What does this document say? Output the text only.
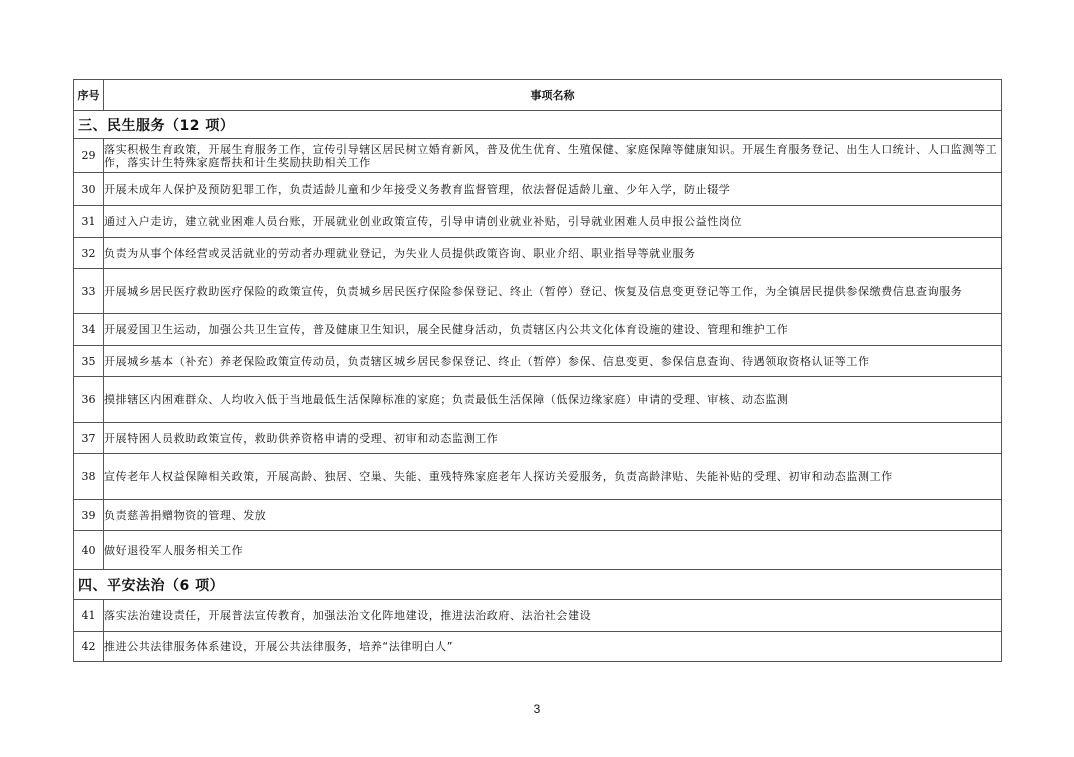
序号	事项名称
三、民生服务（12 项）	
29	落实积极生育政策，开展生育服务工作，宣传引导辖区居民树立婚育新风，普及优生优育、生殖保健、家庭保障等健康知识。开展生育服务登记、出生人口统计、人口监测等工作，落实计生特殊家庭帮扶和计生奖励扶助相关工作
30	开展未成年人保护及预防犯罪工作，负责适龄儿童和少年接受义务教育监督管理，依法督促适龄儿童、少年入学，防止辍学
31	通过入户走访，建立就业困难人员台账，开展就业创业政策宣传，引导申请创业就业补贴，引导就业困难人员申报公益性岗位
32	负责为从事个体经营或灵活就业的劳动者办理就业登记，为失业人员提供政策咨询、职业介绍、职业指导等就业服务
33	开展城乡居民医疗救助医疗保险的政策宣传，负责城乡居民医疗保险参保登记、终止（暂停）登记、恢复及信息变更登记等工作，为全镇居民提供参保缴费信息查询服务
34	开展爱国卫生运动，加强公共卫生宣传，普及健康卫生知识，展全民健身活动，负责辖区内公共文化体育设施的建设、管理和维护工作
35	开展城乡基本（补充）养老保险政策宣传动员，负责辖区城乡居民参保登记、终止（暂停）参保、信息变更、参保信息查询、待遇领取资格认证等工作
36	摸排辖区内困难群众、人均收入低于当地最低生活保障标准的家庭；负责最低生活保障（低保边缘家庭）申请的受理、审核、动态监测
37	开展特困人员救助政策宣传，救助供养资格申请的受理、初审和动态监测工作
38	宣传老年人权益保障相关政策，开展高龄、独居、空巢、失能、重残特殊家庭老年人探访关爱服务，负责高龄津贴、失能补贴的受理、初审和动态监测工作
39	负责慈善捐赠物资的管理、发放
40	做好退役军人服务相关工作
四、平安法治（6 项）	
41	落实法治建设责任，开展普法宣传教育，加强法治文化阵地建设，推进法治政府、法治社会建设
42	推进公共法律服务体系建设，开展公共法律服务，培养“法律明白人”
3
